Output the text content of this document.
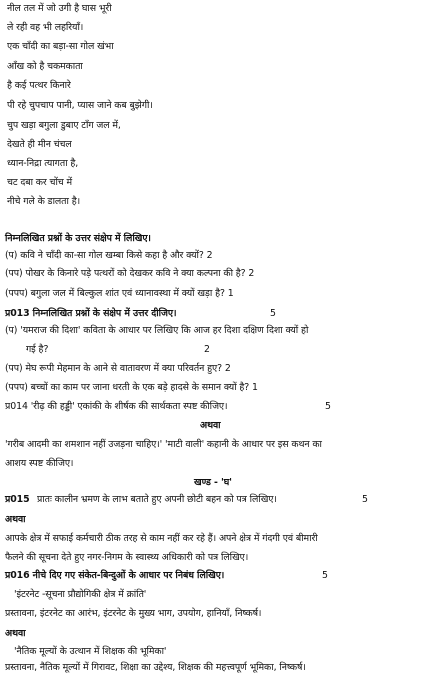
नील तल में जो उगी है घास भूरी
ले रही वह भी लहरियाँ।
एक चाँदी का बड़ा-सा गोल खंभा
आँख को है चकमकाता
है कई पत्थर किनारे
पी रहे चुपचाप पानी, प्यास जाने कब बुझेगी।
चुप खड़ा बगुला डुबाए टाँग जल में,
देखते ही मीन चंचल
ध्यान-निद्रा त्यागता है,
चट दबा कर चोंच में
नीचे गले के डालता है।
निम्नलिखित प्रश्नों के उत्तर संक्षेप में लिखिए।
(प) कवि ने चाँदी का-सा गोल खम्बा किसे कहा है और क्यों? 2
(पप) पोखर के किनारे पड़े पत्थरों को देखकर कवि ने क्या कल्पना की है? 2
(पपप) बगुला जल में बिल्कुल शांत एवं ध्यानावस्था में क्यों खड़ा है? 1
प्र013 निम्नलिखित प्रश्नों के संक्षेप में उत्तर दीजिए।	5
(प) 'यमराज की दिशा' कविता के आधार पर लिखिए कि आज हर दिशा दक्षिण दिशा क्यों हो
गई है?	2
(पप) मेघ रूपी मेहमान के आने से वातावरण में क्या परिवर्तन हुए? 2
(पपप) बच्चों का काम पर जाना धरती के एक बड़े हादसे के समान क्यों है? 1
प्र014 'रीढ़ की हड्डी' एकांकी के शीर्षक की सार्थकता स्पष्ट कीजिए।	5
अथवा
'गरीब आदमी का शमशान नहीं उजड़ना चाहिए।' 'माटी वाली' कहानी के आधार पर इस कथन का
आशय स्पष्ट कीजिए।
खण्ड - 'घ'
प्र015 प्रातः कालीन भ्रमण के लाभ बताते हुए अपनी छोटी बहन को पत्र लिखिए।	5
अथवा
आपके क्षेत्र में सफाई कर्मचारी ठीक तरह से काम नहीं कर रहे हैं। अपने क्षेत्र में गंदगी एवं बीमारी
फैलने की सूचना देते हुए नगर-निगम के स्वास्थ्य अधिकारी को पत्र लिखिए।
प्र016 नीचे दिए गए संकेत-बिन्दुओं के आधार पर निबंध लिखिए।	5
'इंटरनेट -सूचना प्रौद्योगिकी क्षेत्र में क्रांति'
प्रस्तावना, इंटरनेट का आरंभ, इंटरनेट के मुख्य भाग, उपयोग, हानियाँ, निष्कर्ष।
अथवा
'नैतिक मूल्यों के उत्थान में शिक्षक की भूमिका'
प्रस्तावना, नैतिक मूल्यों में गिरावट, शिक्षा का उद्देश्य, शिक्षक की महत्त्वपूर्ण भूमिका, निष्कर्ष।
